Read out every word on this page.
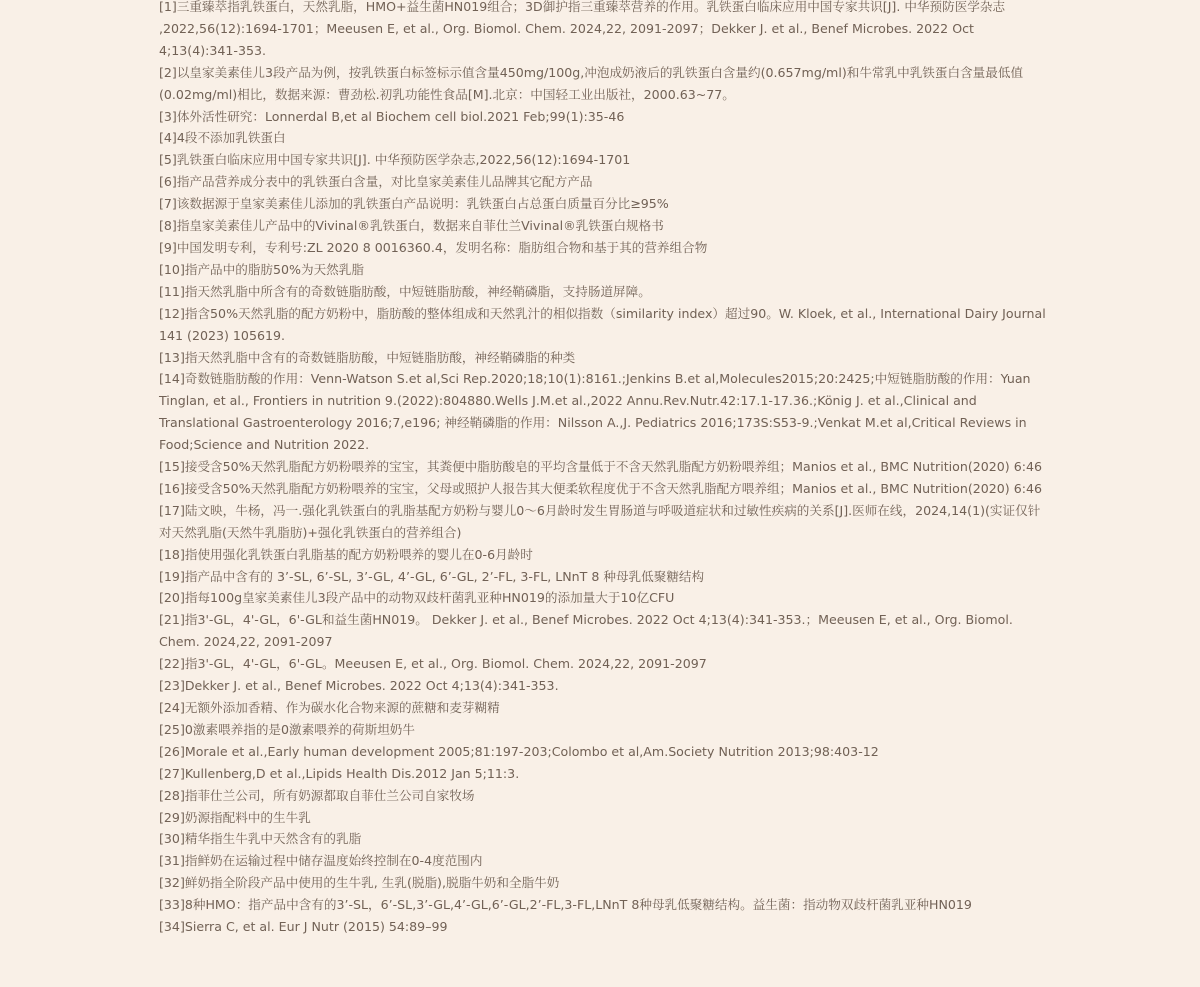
[1]三重臻萃指乳铁蛋白，天然乳脂，HMO+益生菌HN019组合；3D御护指三重臻萃营养的作用。乳铁蛋白临床应用中国专家共识[J]. 中华预防医学杂志 ,2022,56(12):1694-1701；Meeusen E, et al., Org. Biomol. Chem. 2024,22, 2091-2097；Dekker J. et al., Benef Microbes. 2022 Oct 4;13(4):341-353.
[2]以皇家美素佳儿3段产品为例，按乳铁蛋白标签标示值含量450mg/100g,冲泡成奶液后的乳铁蛋白含量约(0.657mg/ml)和牛常乳中乳铁蛋白含量最低值(0.02mg/ml)相比，数据来源：曹劲松.初乳功能性食品[M].北京：中国轻工业出版社，2000.63~77。
[3]体外活性研究：Lonnerdal B,et al Biochem cell biol.2021 Feb;99(1):35-46
[4]4段不添加乳铁蛋白
[5]乳铁蛋白临床应用中国专家共识[J]. 中华预防医学杂志,2022,56(12):1694-1701
[6]指产品营养成分表中的乳铁蛋白含量，对比皇家美素佳儿品牌其它配方产品
[7]该数据源于皇家美素佳儿添加的乳铁蛋白产品说明：乳铁蛋白占总蛋白质量百分比≥95%
[8]指皇家美素佳儿产品中的Vivinal®乳铁蛋白，数据来自菲仕兰Vivinal®乳铁蛋白规格书
[9]中国发明专利，专利号:ZL 2020 8 0016360.4，发明名称：脂肪组合物和基于其的营养组合物
[10]指产品中的脂肪50%为天然乳脂
[11]指天然乳脂中所含有的奇数链脂肪酸，中短链脂肪酸，神经鞘磷脂，支持肠道屏障。
[12]指含50%天然乳脂的配方奶粉中，脂肪酸的整体组成和天然乳汁的相似指数（similarity index）超过90。W. Kloek, et al., International Dairy Journal 141 (2023) 105619.
[13]指天然乳脂中含有的奇数链脂肪酸，中短链脂肪酸，神经鞘磷脂的种类
[14]奇数链脂肪酸的作用：Venn-Watson S.et al,Sci Rep.2020;18;10(1):8161.;Jenkins B.et al,Molecules2015;20:2425;中短链脂肪酸的作用：Yuan Tinglan, et al., Frontiers in nutrition 9.(2022):804880.Wells J.M.et al.,2022 Annu.Rev.Nutr.42:17.1-17.36.;König J. et al.,Clinical and Translational Gastroenterology 2016;7,e196; 神经鞘磷脂的作用：Nilsson A.,J. Pediatrics 2016;173S:S53-9.;Venkat M.et al,Critical Reviews in Food;Science and Nutrition 2022.
[15]接受含50%天然乳脂配方奶粉喂养的宝宝，其粪便中脂肪酸皂的平均含量低于不含天然乳脂配方奶粉喂养组；Manios et al., BMC Nutrition(2020) 6:46
[16]接受含50%天然乳脂配方奶粉喂养的宝宝，父母或照护人报告其大便柔软程度优于不含天然乳脂配方喂养组；Manios et al., BMC Nutrition(2020) 6:46
[17]陆文映，牛杨，冯一.强化乳铁蛋白的乳脂基配方奶粉与婴儿0～6月龄时发生胃肠道与呼吸道症状和过敏性疾病的关系[J].医师在线，2024,14(1)(实证仅针对天然乳脂(天然牛乳脂肪)+强化乳铁蛋白的营养组合)
[18]指使用强化乳铁蛋白乳脂基的配方奶粉喂养的婴儿在0-6月龄时
[19]指产品中含有的 3’-SL, 6’-SL, 3’-GL, 4’-GL, 6’-GL, 2’-FL, 3-FL, LNnT 8 种母乳低聚糖结构
[20]指每100g皇家美素佳儿3段产品中的动物双歧杆菌乳亚种HN019的添加量大于10亿CFU
[21]指3'-GL，4'-GL，6'-GL和益生菌HN019。 Dekker J. et al., Benef Microbes. 2022 Oct 4;13(4):341-353.；Meeusen E, et al., Org. Biomol. Chem. 2024,22, 2091-2097
[22]指3'-GL，4'-GL，6'-GL。Meeusen E, et al., Org. Biomol. Chem. 2024,22, 2091-2097
[23]Dekker J. et al., Benef Microbes. 2022 Oct 4;13(4):341-353.
[24]无额外添加香精、作为碳水化合物来源的蔗糖和麦芽糊精
[25]0激素喂养指的是0激素喂养的荷斯坦奶牛
[26]Morale et al.,Early human development 2005;81:197-203;Colombo et al,Am.Society Nutrition 2013;98:403-12
[27]Kullenberg,D et al.,Lipids Health Dis.2012 Jan 5;11:3.
[28]指菲仕兰公司，所有奶源都取自菲仕兰公司自家牧场
[29]奶源指配料中的生牛乳
[30]精华指生牛乳中天然含有的乳脂
[31]指鲜奶在运输过程中储存温度始终控制在0-4度范围内
[32]鲜奶指全阶段产品中使用的生牛乳, 生乳(脱脂),脱脂牛奶和全脂牛奶
[33]8种HMO：指产品中含有的3’-SL，6’-SL,3’-GL,4’-GL,6’-GL,2’-FL,3-FL,LNnT 8种母乳低聚糖结构。益生菌：指动物双歧杆菌乳亚种HN019
[34]Sierra C, et al. Eur J Nutr (2015) 54:89–99
